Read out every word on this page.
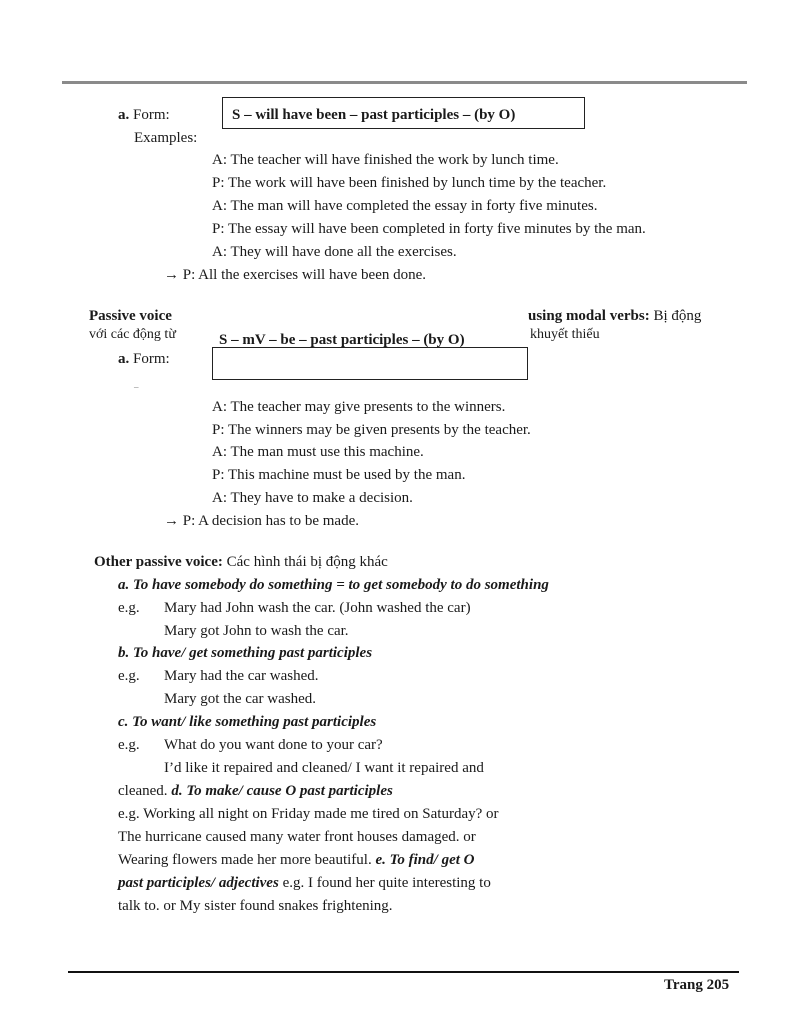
a. Form:	S – will have been – past participles – (by O)
Examples:
A: The teacher will have finished the work by lunch time.
P: The work will have been finished by lunch time by the teacher.
A: The man will have completed the essay in forty five minutes.
P: The essay will have been completed in forty five minutes by the man.
A: They will have done all the exercises.
→ P: All the exercises will have been done.
Passive voice	using modal verbs: Bị động
với các động từ	S – mV – be – past participles – (by O)	khuyết thiếu
a. Form:
–
A: The teacher may give presents to the winners.
P: The winners may be given presents by the teacher.
A: The man must use this machine.
P: This machine must be used by the man.
A: They have to make a decision.
→ P: A decision has to be made.
Other passive voice: Các hình thái bị động khác
a. To have somebody do something = to get somebody to do something
e.g. Mary had John wash the car. (John washed the car)
Mary got John to wash the car.
b. To have/ get something past participles
e.g. Mary had the car washed.
Mary got the car washed.
c. To want/ like something past participles
e.g. What do you want done to your car?
I’d like it repaired and cleaned/ I want it repaired and
cleaned. d. To make/ cause O past participles
e.g. Working all night on Friday made me tired on Saturday? or
The hurricane caused many water front houses damaged. or
Wearing flowers made her more beautiful. e. To find/ get O
past participles/ adjectives e.g. I found her quite interesting to
talk to. or My sister found snakes frightening.
Trang 205
